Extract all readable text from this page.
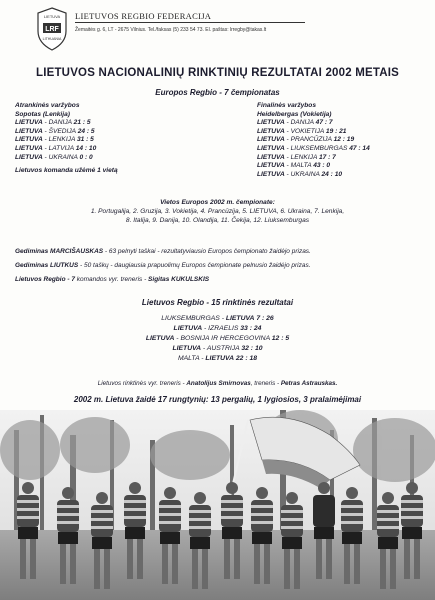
LRF
LIETUVA
LITHUANIA
LIETUVOS REGBIO FEDERACIJA
Žemaitės g. 6, LT - 2675 Vilnius. Tel./faksas (5) 233 54 73. El. paštas: lrregby@takas.lt
LIETUVOS NACIONALINIŲ RINKTINIŲ REZULTATAI 2002 METAIS
Europos Regbio - 7 čempionatas
Atrankinės varžybos
Sopotas (Lenkija)
LIETUVA - DANIJA 21 : 5
LIETUVA - ŠVEDIJA 24 : 5
LIETUVA - LENKIJA 31 : 5
LIETUVA - LATVIJA 14 : 10
LIETUVA - UKRAINA 0 : 0
Lietuvos komanda užėmė 1 vietą
Finalinės varžybos
Heidelbergas (Vokietija)
LIETUVA - DANIJA 47 : 7
LIETUVA - VOKIETIJA 19 : 21
LIETUVA - PRANCŪZIJA 12 : 19
LIETUVA - LIUKSEMBURGAS 47 : 14
LIETUVA - LENKIJA 17 : 7
LIETUVA - MALTA 43 : 0
LIETUVA - UKRAINA 24 : 10
Vietos Europos 2002 m. čempionate:
1. Portugalija, 2. Gruzija, 3. Vokietija, 4. Prancūzija, 5. LIETUVA, 6. Ukraina, 7. Lenkija,
8. Italija, 9. Danija, 10. Olandija, 11. Čekija, 12. Liuksemburgas
Gediminas MARCIŠAUSKAS - 63 pelnyti taškai - rezultatyviausio Europos čempionato žaidėjo prizas.
Gediminas LIUTKUS - 50 taškų - daugiausia prapuolimų Europos čempionate pelnusio žaidėjo prizas.
Lietuvos Regbio - 7 komandos vyr. treneris - Sigitas KUKULSKIS
Lietuvos Regbio - 15 rinktinės rezultatai
LIUKSEMBURGAS - LIETUVA 7 : 26
LIETUVA - IZRAELIS 33 : 24
LIETUVA - BOSNIJA IR HERCEGOVINA 12 : 5
LIETUVA - AUSTRIJA 32 : 10
MALTA - LIETUVA 22 : 18
Lietuvos rinktinės vyr. treneris - Anatolijus Smirnovas, treneris - Petras Astrauskas.
2002 m. Lietuva žaidė 17 rungtynių: 13 pergalių, 1 lygiosios, 3 pralaimėjimai
